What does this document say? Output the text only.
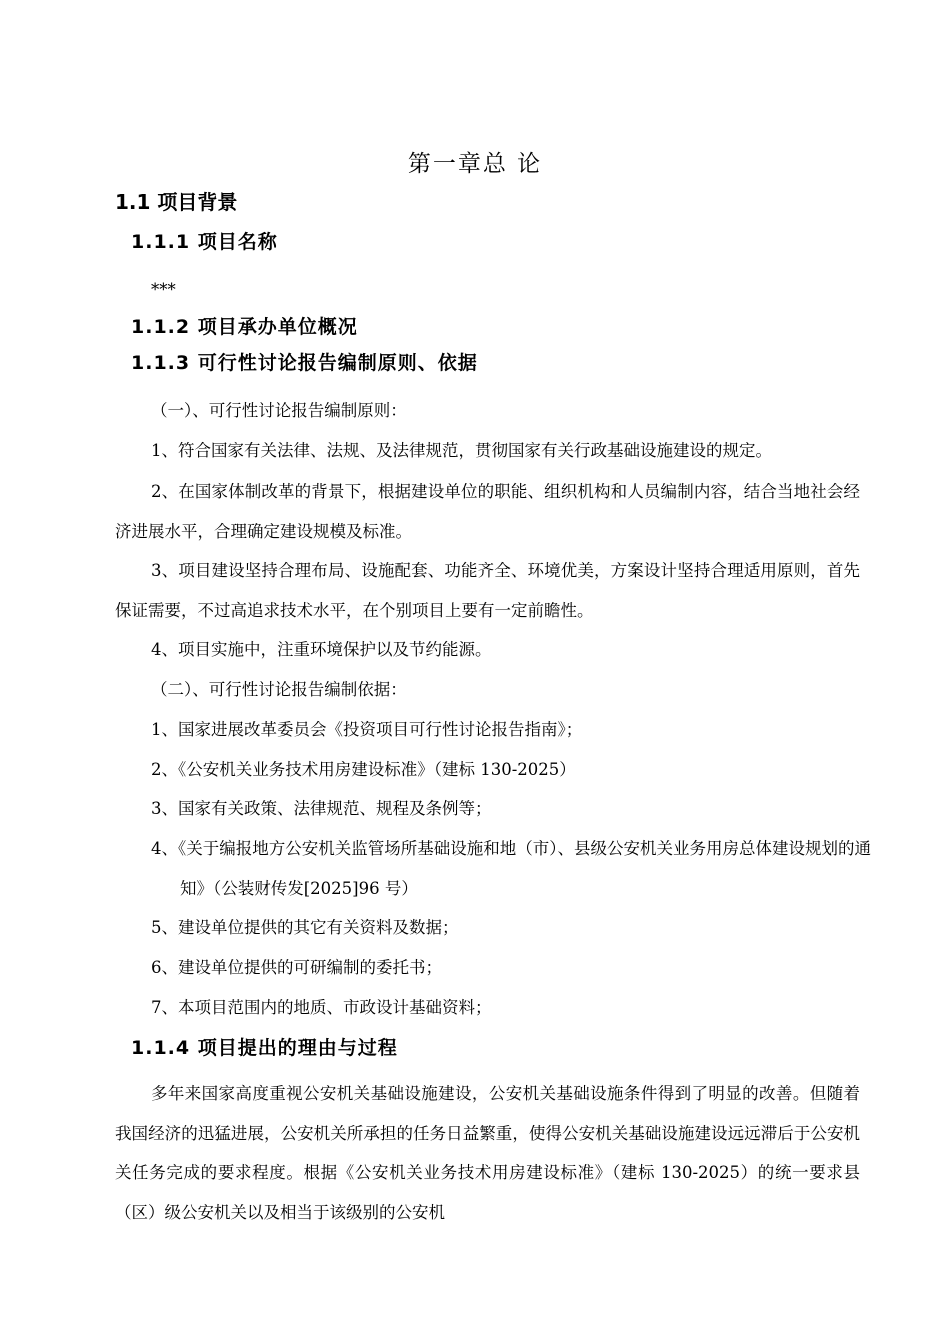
第一章总 论
1.1 项目背景
1.1.1 项目名称
***
1.1.2 项目承办单位概况
1.1.3 可行性讨论报告编制原则、依据
（一）、可行性讨论报告编制原则：
1、符合国家有关法律、法规、及法律规范，贯彻国家有关行政基础设施建设的规定。
2、在国家体制改革的背景下，根据建设单位的职能、组织机构和人员编制内容，结合当地社会经济进展水平，合理确定建设规模及标准。
3、项目建设坚持合理布局、设施配套、功能齐全、环境优美，方案设计坚持合理适用原则，首先保证需要，不过高追求技术水平，在个别项目上要有一定前瞻性。
4、项目实施中，注重环境保护以及节约能源。
（二）、可行性讨论报告编制依据：
1、国家进展改革委员会《投资项目可行性讨论报告指南》；
2、《公安机关业务技术用房建设标准》（建标 130-2025）
3、国家有关政策、法律规范、规程及条例等；
4、《关于编报地方公安机关监管场所基础设施和地（市）、县级公安机关业务用房总体建设规划的通知》（公装财传发[2025]96 号）
5、建设单位提供的其它有关资料及数据；
6、建设单位提供的可研编制的委托书；
7、本项目范围内的地质、市政设计基础资料；
1.1.4 项目提出的理由与过程
多年来国家高度重视公安机关基础设施建设，公安机关基础设施条件得到了明显的改善。但随着我国经济的迅猛进展，公安机关所承担的任务日益繁重，使得公安机关基础设施建设远远滞后于公安机关任务完成的要求程度。根据《公安机关业务技术用房建设标准》（建标 130-2025）的统一要求县（区）级公安机关以及相当于该级别的公安机
